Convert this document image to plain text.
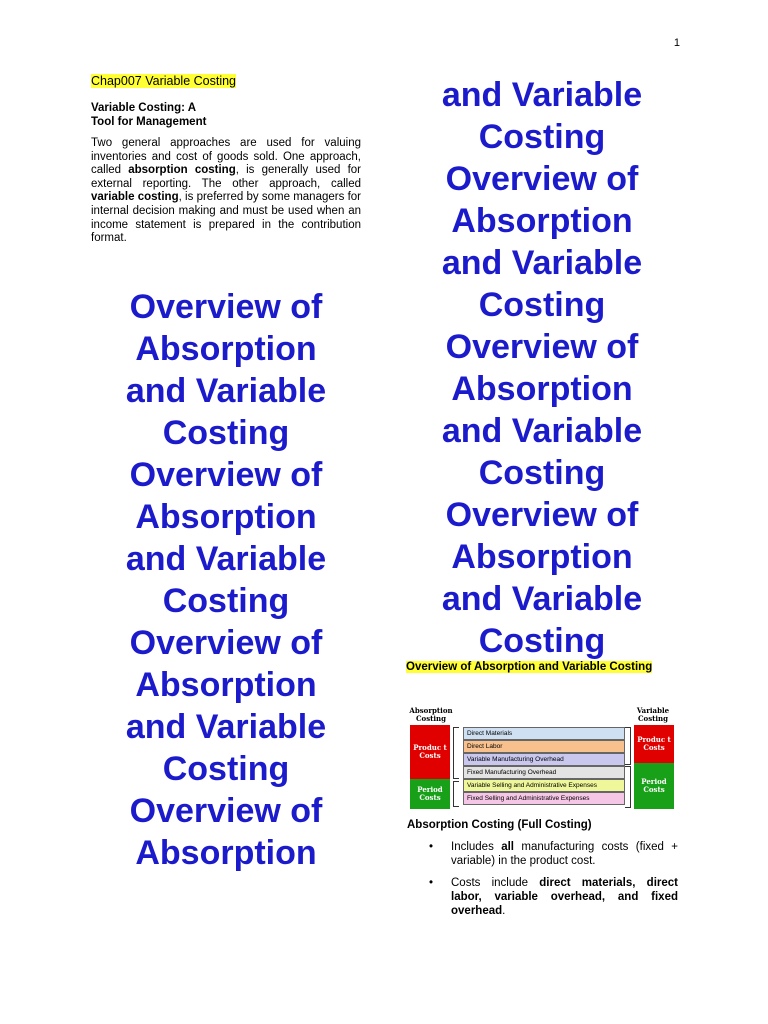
1
Chap007 Variable Costing
Variable Costing: A
Tool for Management
Two general approaches are used for valuing inventories and cost of goods sold. One approach, called absorption costing, is generally used for external reporting. The other approach, called variable costing, is preferred by some managers for internal decision making and must be used when an income statement is prepared in the contribution format.
Overview of
Absorption
and Variable
Costing
Overview of
Absorption
and Variable
Costing
Overview of
Absorption
and Variable
Costing
Overview of
Absorption
and Variable
Costing
Overview of
Absorption
and Variable
Costing
Overview of
Absorption
and Variable
Costing
Overview of
Absorption
and Variable
Costing
Overview of Absorption and Variable Costing
Absorption Costing
Variable Costing
Produc t Costs
Period Costs
Produc t Costs
Period Costs
Direct Materials
Direct Labor
Variable Manufacturing Overhead
Fixed Manufacturing Overhead
Variable Selling and Administrative Expenses
Fixed Selling and Administrative Expenses
Absorption Costing (Full Costing)
• Includes all manufacturing costs (fixed + variable) in the product cost.
• Costs include direct materials, direct labor, variable overhead, and fixed overhead.
